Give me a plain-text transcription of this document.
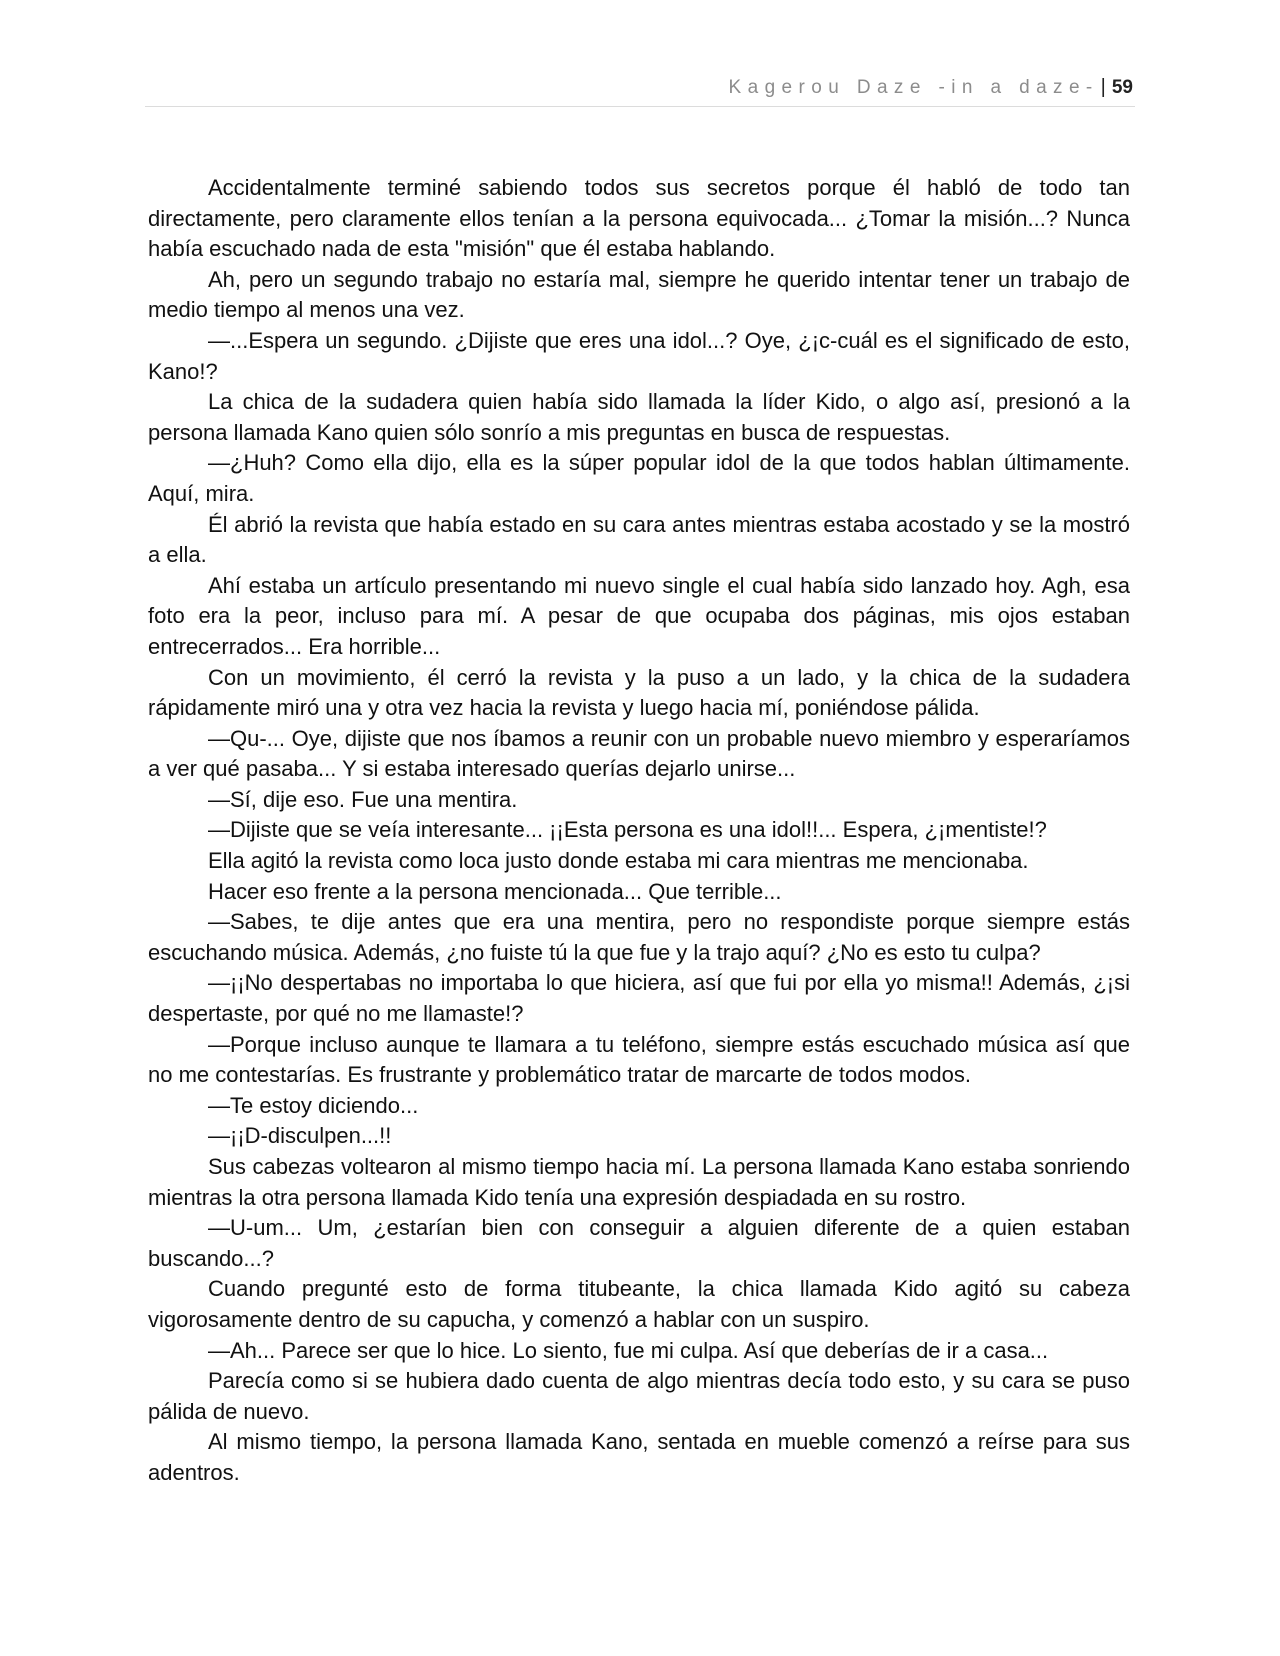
Kagerou Daze -in a daze- | 59

Accidentalmente terminé sabiendo todos sus secretos porque él habló de todo tan directamente, pero claramente ellos tenían a la persona equivocada... ¿Tomar la misión...? Nunca había escuchado nada de esta "misión" que él estaba hablando.

Ah, pero un segundo trabajo no estaría mal, siempre he querido intentar tener un trabajo de medio tiempo al menos una vez.

—...Espera un segundo. ¿Dijiste que eres una idol...? Oye, ¿¡c-cuál es el significado de esto, Kano!?

La chica de la sudadera quien había sido llamada la líder Kido, o algo así, presionó a la persona llamada Kano quien sólo sonrío a mis preguntas en busca de respuestas.

—¿Huh? Como ella dijo, ella es la súper popular idol de la que todos hablan últimamente. Aquí, mira.

Él abrió la revista que había estado en su cara antes mientras estaba acostado y se la mostró a ella.

Ahí estaba un artículo presentando mi nuevo single el cual había sido lanzado hoy. Agh, esa foto era la peor, incluso para mí. A pesar de que ocupaba dos páginas, mis ojos estaban entrecerrados... Era horrible...

Con un movimiento, él cerró la revista y la puso a un lado, y la chica de la sudadera rápidamente miró una y otra vez hacia la revista y luego hacia mí, poniéndose pálida.

—Qu-... Oye, dijiste que nos íbamos a reunir con un probable nuevo miembro y esperaríamos a ver qué pasaba... Y si estaba interesado querías dejarlo unirse...

—Sí, dije eso. Fue una mentira.

—Dijiste que se veía interesante... ¡¡Esta persona es una idol!!... Espera, ¿¡mentiste!?

Ella agitó la revista como loca justo donde estaba mi cara mientras me mencionaba.

Hacer eso frente a la persona mencionada... Que terrible...

—Sabes, te dije antes que era una mentira, pero no respondiste porque siempre estás escuchando música. Además, ¿no fuiste tú la que fue y la trajo aquí? ¿No es esto tu culpa?

—¡¡No despertabas no importaba lo que hiciera, así que fui por ella yo misma!! Además, ¿¡si despertaste, por qué no me llamaste!?

—Porque incluso aunque te llamara a tu teléfono, siempre estás escuchado música así que no me contestarías. Es frustrante y problemático tratar de marcarte de todos modos.

—Te estoy diciendo...

—¡¡D-disculpen...!!

Sus cabezas voltearon al mismo tiempo hacia mí. La persona llamada Kano estaba sonriendo mientras la otra persona llamada Kido tenía una expresión despiadada en su rostro.

—U-um... Um, ¿estarían bien con conseguir a alguien diferente de a quien estaban buscando...?

Cuando pregunté esto de forma titubeante, la chica llamada Kido agitó su cabeza vigorosamente dentro de su capucha, y comenzó a hablar con un suspiro.

—Ah... Parece ser que lo hice. Lo siento, fue mi culpa. Así que deberías de ir a casa...

Parecía como si se hubiera dado cuenta de algo mientras decía todo esto, y su cara se puso pálida de nuevo.

Al mismo tiempo, la persona llamada Kano, sentada en mueble comenzó a reírse para sus adentros.
